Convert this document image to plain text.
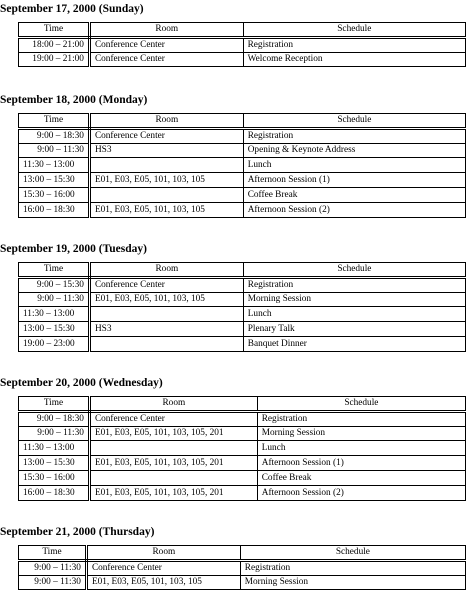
September 17, 2000 (Sunday)
Time	Room	Schedule
18:00 – 21:00	Conference Center	Registration
19:00 – 21:00	Conference Center	Welcome Reception
September 18, 2000 (Monday)
Time	Room	Schedule
9:00 – 18:30	Conference Center	Registration
9:00 – 11:30	HS3	Opening & Keynote Address
11:30 – 13:00		Lunch
13:00 – 15:30	E01, E03, E05, 101, 103, 105	Afternoon Session (1)
15:30 – 16:00		Coffee Break
16:00 – 18:30	E01, E03, E05, 101, 103, 105	Afternoon Session (2)
September 19, 2000 (Tuesday)
Time	Room	Schedule
9:00 – 15:30	Conference Center	Registration
9:00 – 11:30	E01, E03, E05, 101, 103, 105	Morning Session
11:30 – 13:00		Lunch
13:00 – 15:30	HS3	Plenary Talk
19:00 – 23:00		Banquet Dinner
September 20, 2000 (Wednesday)
Time	Room	Schedule
9:00 – 18:30	Conference Center	Registration
9:00 – 11:30	E01, E03, E05, 101, 103, 105, 201	Morning Session
11:30 – 13:00		Lunch
13:00 – 15:30	E01, E03, E05, 101, 103, 105, 201	Afternoon Session (1)
15:30 – 16:00		Coffee Break
16:00 – 18:30	E01, E03, E05, 101, 103, 105, 201	Afternoon Session (2)
September 21, 2000 (Thursday)
Time	Room	Schedule
9:00 – 11:30	Conference Center	Registration
9:00 – 11:30	E01, E03, E05, 101, 103, 105	Morning Session
